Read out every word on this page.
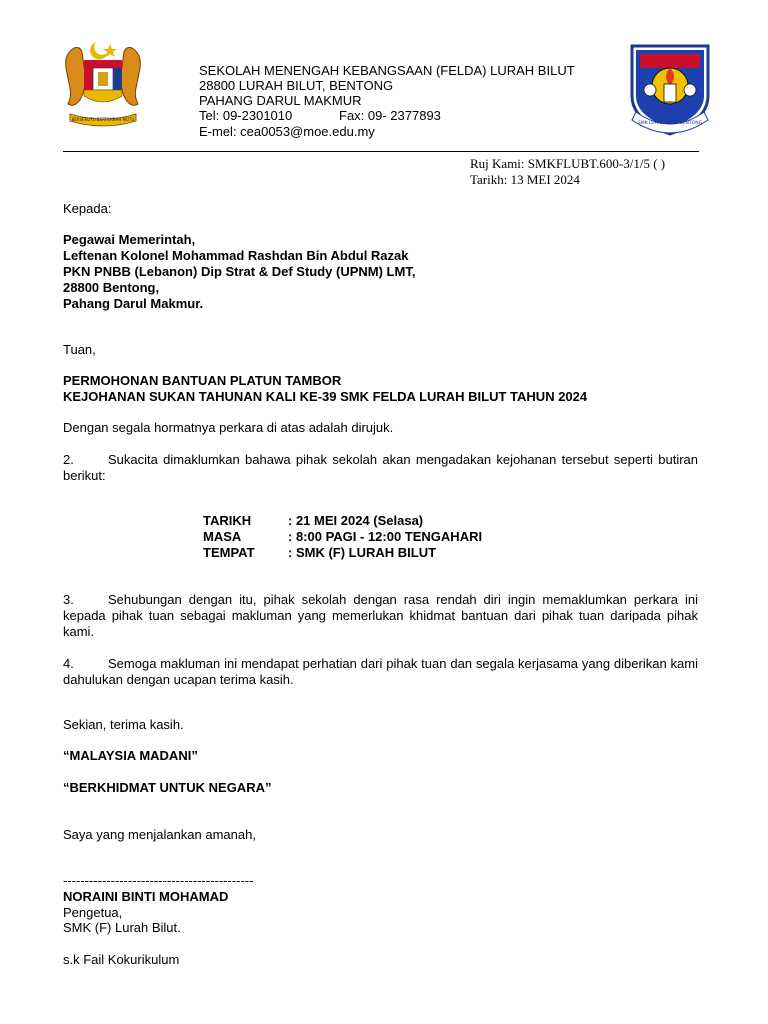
BERSEKUTU BERTAMBAH MUTU
SEKOLAH MENENGAH KEBANGSAAN (FELDA) LURAH BILUT
28800 LURAH BILUT, BENTONG
PAHANG DARUL MAKMUR
Tel: 09-2301010	Fax: 09- 2377893
E-mel: cea0053@moe.edu.my
SMK LURAH BILUT BENTONG
Ruj Kami: SMKFLUBT.600-3/1/5 ( )
Tarikh: 13 MEI 2024
Kepada:
Pegawai Memerintah,
Leftenan Kolonel Mohammad Rashdan Bin Abdul Razak
PKN PNBB (Lebanon) Dip Strat & Def Study (UPNM) LMT,
28800 Bentong,
Pahang Darul Makmur.
Tuan,
PERMOHONAN BANTUAN PLATUN TAMBOR
KEJOHANAN SUKAN TAHUNAN KALI KE-39 SMK FELDA LURAH BILUT TAHUN 2024
Dengan segala hormatnya perkara di atas adalah dirujuk.
2.	Sukacita dimaklumkan bahawa pihak sekolah akan mengadakan kejohanan tersebut seperti butiran berikut:
TARIKH	: 21 MEI 2024 (Selasa)
MASA	: 8:00 PAGI - 12:00 TENGAHARI
TEMPAT	: SMK (F) LURAH BILUT
3.	Sehubungan dengan itu, pihak sekolah dengan rasa rendah diri ingin memaklumkan perkara ini kepada pihak tuan sebagai makluman yang memerlukan khidmat bantuan dari pihak tuan daripada pihak kami.
4.	Semoga makluman ini mendapat perhatian dari pihak tuan dan segala kerjasama yang diberikan kami dahulukan dengan ucapan terima kasih.
Sekian, terima kasih.
“MALAYSIA MADANI”
“BERKHIDMAT UNTUK NEGARA”
Saya yang menjalankan amanah,
--------------------------------------------
NORAINI BINTI MOHAMAD
Pengetua,
SMK (F) Lurah Bilut.
s.k Fail Kokurikulum
